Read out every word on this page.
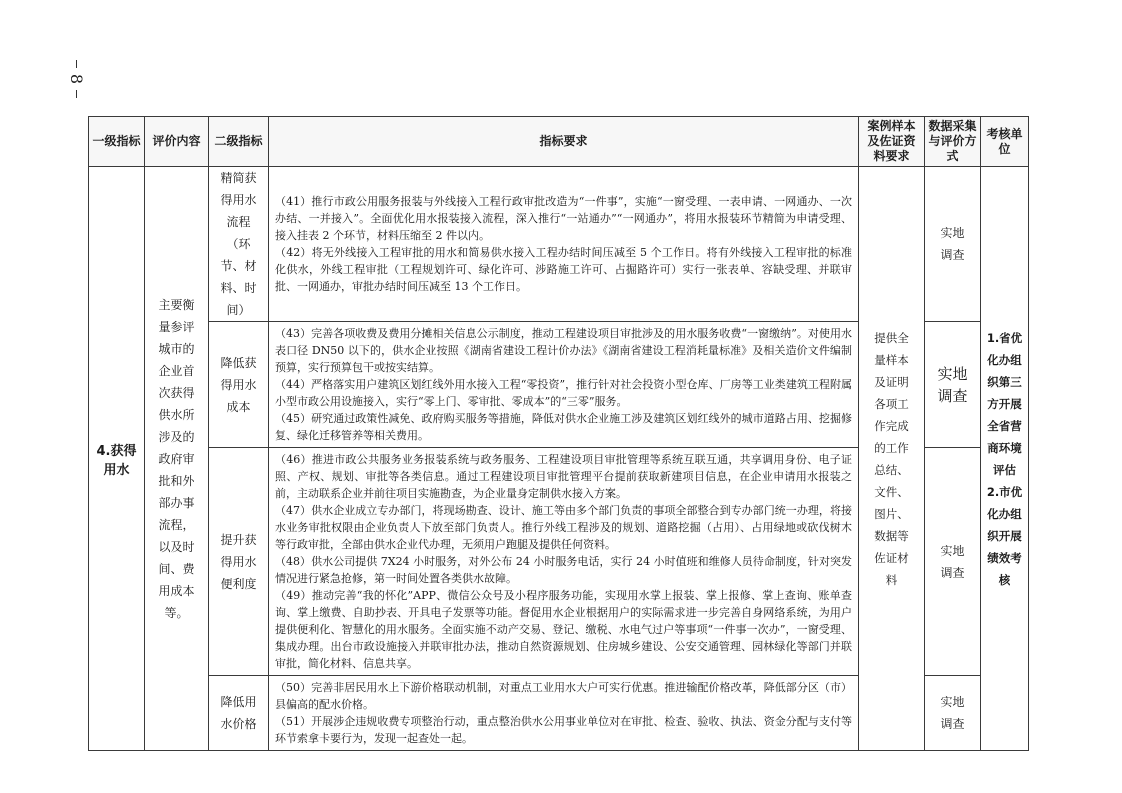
8
一级指标	评价内容	二级指标	指标要求	案例样本及佐证资料要求	数据采集与评价方式	考核单位
4.获得用水	主要衡量参评城市的企业首次获得供水所涉及的政府审批和外部办事流程，以及时间、费用成本等。	精简获得用水流程（环节、材料、时间）	（41）推行市政公用服务报装与外线接入工程行政审批改造为“一件事”，实施“一窗受理、一表申请、一网通办、一次办结、一并接入”。全面优化用水报装接入流程，深入推行“一站通办”“一网通办”，将用水报装环节精简为申请受理、接入挂表 2 个环节，材料压缩至 2 件以内。

（42）将无外线接入工程审批的用水和简易供水接入工程办结时间压减至 5 个工作日。将有外线接入工程审批的标准化供水，外线工程审批（工程规划许可、绿化许可、涉路施工许可、占掘路许可）实行一张表单、容缺受理、并联审批、一网通办，审批办结时间压减至 13 个工作日。	提供全量样本及证明各项工作完成的工作总结、文件、图片、数据等佐证材料	实地调查	1.省优化办组织第三方开展全省营商环境评估 2.市优化办组织开展绩效考核
		降低获得用水成本	（43）完善各项收费及费用分摊相关信息公示制度，推动工程建设项目审批涉及的用水服务收费“一窗缴纳”。对使用水表口径 DN50 以下的，供水企业按照《湖南省建设工程计价办法》《湖南省建设工程消耗量标准》及相关造价文件编制预算，实行预算包干或按实结算。

（44）严格落实用户建筑区划红线外用水接入工程“零投资”，推行针对社会投资小型仓库、厂房等工业类建筑工程附属小型市政公用设施接入，实行“零上门、零审批、零成本”的“三零”服务。

（45）研究通过政策性减免、政府购买服务等措施，降低对供水企业施工涉及建筑区划红线外的城市道路占用、挖掘修复、绿化迁移管养等相关费用。		实地调查	
		提升获得用水便利度	（46）推进市政公共服务业务报装系统与政务服务、工程建设项目审批管理等系统互联互通，共享调用身份、电子证照、产权、规划、审批等各类信息。通过工程建设项目审批管理平台提前获取新建项目信息，在企业申请用水报装之前，主动联系企业并前往项目实施勘查，为企业量身定制供水接入方案。

（47）供水企业成立专办部门，将现场勘查、设计、施工等由多个部门负责的事项全部整合到专办部门统一办理，将接水业务审批权限由企业负责人下放至部门负责人。推行外线工程涉及的规划、道路挖掘（占用）、占用绿地或砍伐树木等行政审批，全部由供水企业代办理，无须用户跑腿及提供任何资料。

（48）供水公司提供 7X24 小时服务，对外公布 24 小时服务电话，实行 24 小时值班和维修人员待命制度，针对突发情况进行紧急抢修，第一时间处置各类供水故障。

（49）推动完善“我的怀化”APP、微信公众号及小程序服务功能，实现用水掌上报装、掌上报修、掌上查询、账单查询、掌上缴费、自助抄表、开具电子发票等功能。督促用水企业根据用户的实际需求进一步完善自身网络系统，为用户提供便利化、智慧化的用水服务。全面实施不动产交易、登记、缴税、水电气过户等事项“一件事一次办”，一窗受理、集成办理。出台市政设施接入并联审批办法，推动自然资源规划、住房城乡建设、公安交通管理、园林绿化等部门并联审批，简化材料、信息共享。		实地调查	
		降低用水价格	（50）完善非居民用水上下游价格联动机制，对重点工业用水大户可实行优惠。推进输配价格改革，降低部分区（市）县偏高的配水价格。

（51）开展涉企违规收费专项整治行动，重点整治供水公用事业单位对在审批、检查、验收、执法、资金分配与支付等环节索拿卡要行为，发现一起查处一起。		实地调查	
